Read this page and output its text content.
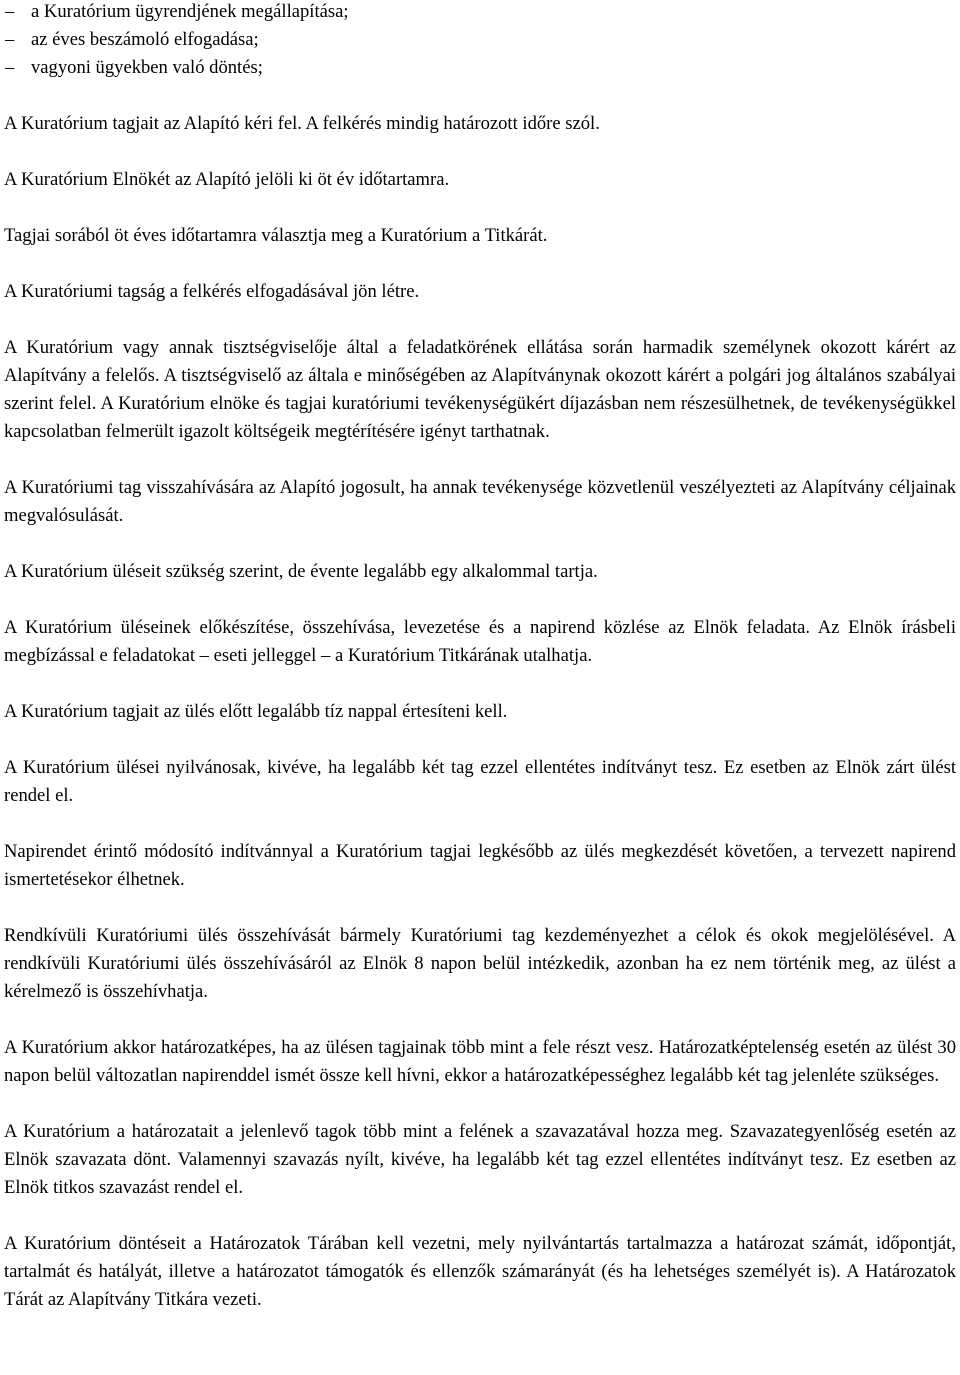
– a Kuratórium ügyrendjének megállapítása;
– az éves beszámoló elfogadása;
– vagyoni ügyekben való döntés;

A Kuratórium tagjait az Alapító kéri fel. A felkérés mindig határozott időre szól.

A Kuratórium Elnökét az Alapító jelöli ki öt év időtartamra.

Tagjai sorából öt éves időtartamra választja meg a Kuratórium a Titkárát.

A Kuratóriumi tagság a felkérés elfogadásával jön létre.

A Kuratórium vagy annak tisztségviselője által a feladatkörének ellátása során harmadik személynek okozott kárért az Alapítvány a felelős. A tisztségviselő az általa e minőségében az Alapítványnak okozott kárért a polgári jog általános szabályai szerint felel. A Kuratórium elnöke és tagjai kuratóriumi tevékenységükért díjazásban nem részesülhetnek, de tevékenységükkel kapcsolatban felmerült igazolt költségeik megtérítésére igényt tarthatnak.

A Kuratóriumi tag visszahívására az Alapító jogosult, ha annak tevékenysége közvetlenül veszélyezteti az Alapítvány céljainak megvalósulását.

A Kuratórium üléseit szükség szerint, de évente legalább egy alkalommal tartja.

A Kuratórium üléseinek előkészítése, összehívása, levezetése és a napirend közlése az Elnök feladata. Az Elnök írásbeli megbízással e feladatokat – eseti jelleggel – a Kuratórium Titkárának utalhatja.

A Kuratórium tagjait az ülés előtt legalább tíz nappal értesíteni kell.

A Kuratórium ülései nyilvánosak, kivéve, ha legalább két tag ezzel ellentétes indítványt tesz. Ez esetben az Elnök zárt ülést rendel el.

Napirendet érintő módosító indítvánnyal a Kuratórium tagjai legkésőbb az ülés megkezdését követően, a tervezett napirend ismertetésekor élhetnek.

Rendkívüli Kuratóriumi ülés összehívását bármely Kuratóriumi tag kezdeményezhet a célok és okok megjelölésével. A rendkívüli Kuratóriumi ülés összehívásáról az Elnök 8 napon belül intézkedik, azonban ha ez nem történik meg, az ülést a kérelmező is összehívhatja.

A Kuratórium akkor határozatképes, ha az ülésen tagjainak több mint a fele részt vesz. Határozatképtelenség esetén az ülést 30 napon belül változatlan napirenddel ismét össze kell hívni, ekkor a határozatképességhez legalább két tag jelenléte szükséges.

A Kuratórium a határozatait a jelenlevő tagok több mint a felének a szavazatával hozza meg. Szavazategyenlőség esetén az Elnök szavazata dönt. Valamennyi szavazás nyílt, kivéve, ha legalább két tag ezzel ellentétes indítványt tesz. Ez esetben az Elnök titkos szavazást rendel el.

A Kuratórium döntéseit a Határozatok Tárában kell vezetni, mely nyilvántartás tartalmazza a határozat számát, időpontját, tartalmát és hatályát, illetve a határozatot támogatók és ellenzők számarányát (és ha lehetséges személyét is). A Határozatok Tárát az Alapítvány Titkára vezeti.
